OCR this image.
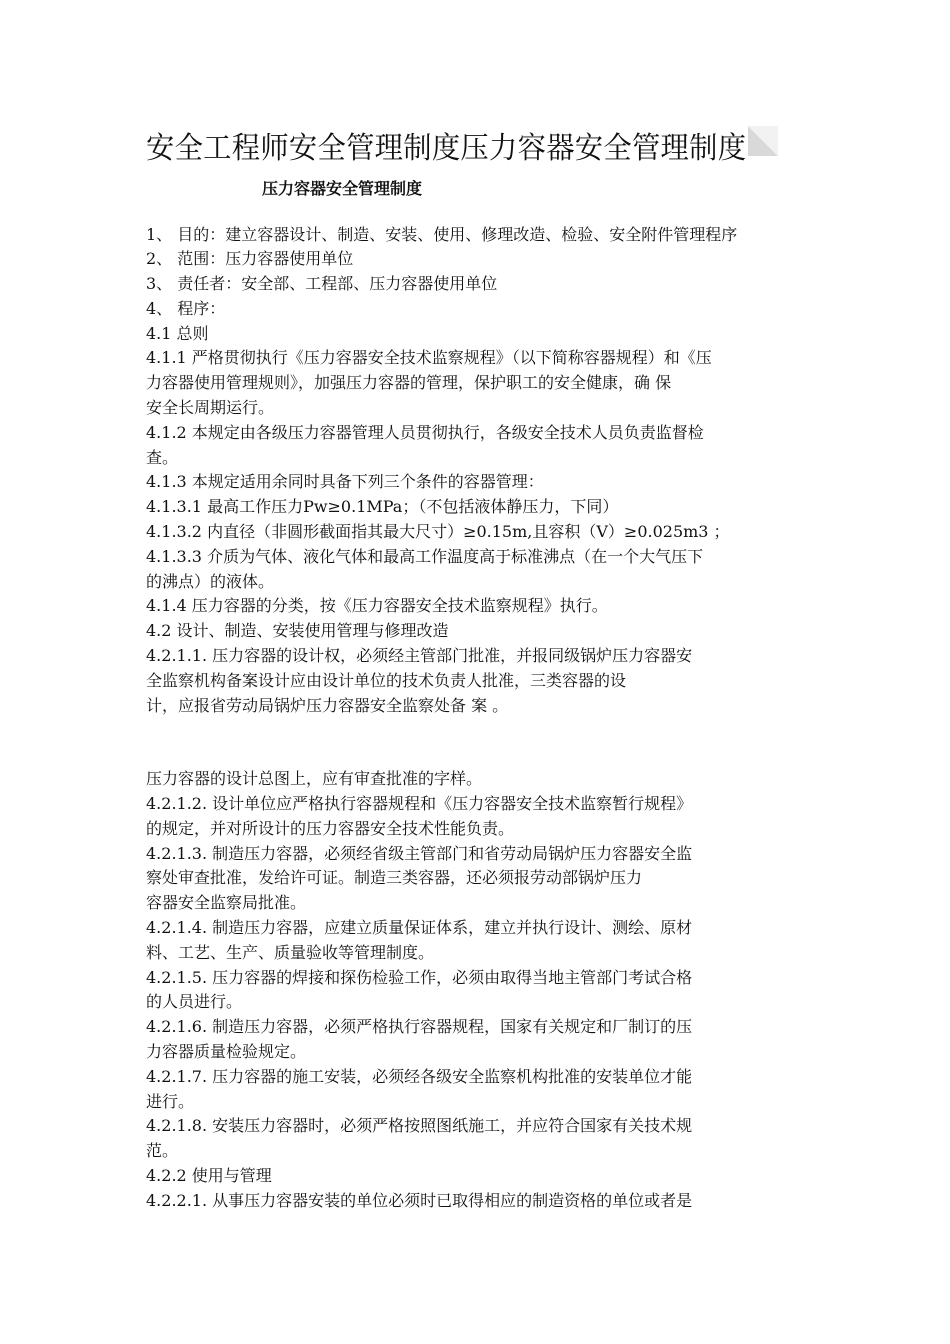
安全工程师安全管理制度压力容器安全管理制度
压力容器安全管理制度
1、 目的：建立容器设计、制造、安装、使用、修理改造、检验、安全附件管理程序
2、 范围：压力容器使用单位
3、 责任者：安全部、工程部、压力容器使用单位
4、 程序：
4.1 总则
4.1.1 严格贯彻执行《压力容器安全技术监察规程》（以下简称容器规程）和《压
力容器使用管理规则》，加强压力容器的管理，保护职工的安全健康，确 保
安全长周期运行。
4.1.2 本规定由各级压力容器管理人员贯彻执行，各级安全技术人员负责监督检
查。
4.1.3 本规定适用余同时具备下列三个条件的容器管理：
4.1.3.1 最高工作压力Pw≥0.1MPa；（不包括液体静压力，下同）
4.1.3.2 内直径（非圆形截面指其最大尺寸）≥0.15m,且容积（V）≥0.025m3 ；
4.1.3.3 介质为气体、液化气体和最高工作温度高于标准沸点（在一个大气压下
的沸点）的液体。
4.1.4 压力容器的分类，按《压力容器安全技术监察规程》执行。
4.2 设计、制造、安装使用管理与修理改造
4.2.1.1. 压力容器的设计权，必须经主管部门批准，并报同级锅炉压力容器安
全监察机构备案设计应由设计单位的技术负责人批准，三类容器的设
计，应报省劳动局锅炉压力容器安全监察处备 案 。
压力容器的设计总图上，应有审查批准的字样。
4.2.1.2. 设计单位应严格执行容器规程和《压力容器安全技术监察暂行规程》
的规定，并对所设计的压力容器安全技术性能负责。
4.2.1.3. 制造压力容器，必须经省级主管部门和省劳动局锅炉压力容器安全监
察处审查批准，发给许可证。制造三类容器，还必须报劳动部锅炉压力
容器安全监察局批准。
4.2.1.4. 制造压力容器，应建立质量保证体系，建立并执行设计、测绘、原材
料、工艺、生产、质量验收等管理制度。
4.2.1.5. 压力容器的焊接和探伤检验工作，必须由取得当地主管部门考试合格
的人员进行。
4.2.1.6. 制造压力容器，必须严格执行容器规程，国家有关规定和厂制订的压
力容器质量检验规定。
4.2.1.7. 压力容器的施工安装，必须经各级安全监察机构批准的安装单位才能
进行。
4.2.1.8. 安装压力容器时，必须严格按照图纸施工，并应符合国家有关技术规
范。
4.2.2 使用与管理
4.2.2.1. 从事压力容器安装的单位必须时已取得相应的制造资格的单位或者是
